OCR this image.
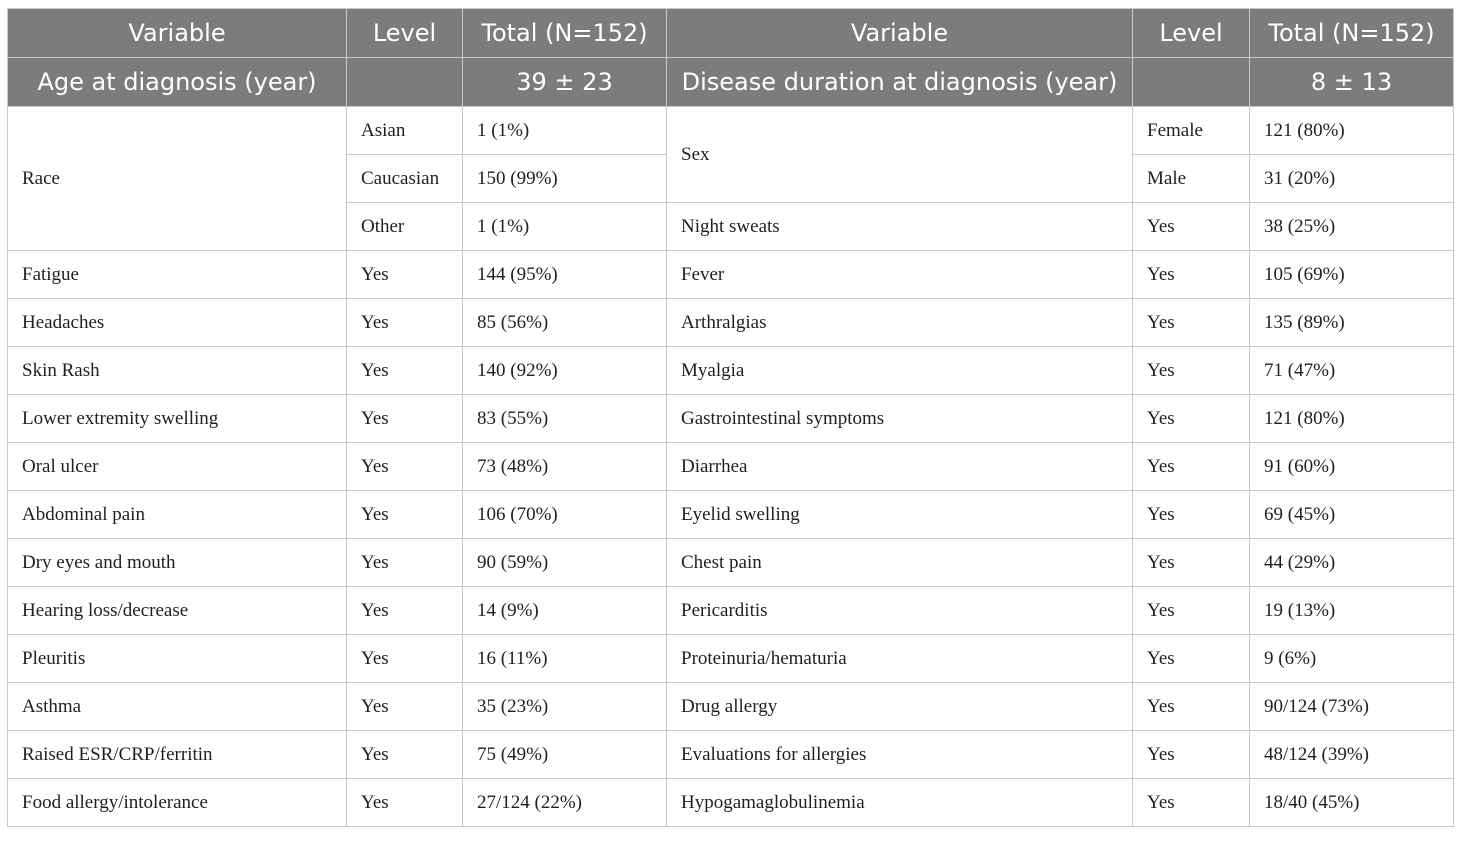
Variable	Level	Total (N=152)	Variable	Level	Total (N=152)
Age at diagnosis (year)		39 ± 23	Disease duration at diagnosis (year)		8 ± 13
Race	Asian	1 (1%)	Sex	Female	121 (80%)
	Caucasian	150 (99%)		Male	31 (20%)
	Other	1 (1%)	Night sweats	Yes	38 (25%)
Fatigue	Yes	144 (95%)	Fever	Yes	105 (69%)
Headaches	Yes	85 (56%)	Arthralgias	Yes	135 (89%)
Skin Rash	Yes	140 (92%)	Myalgia	Yes	71 (47%)
Lower extremity swelling	Yes	83 (55%)	Gastrointestinal symptoms	Yes	121 (80%)
Oral ulcer	Yes	73 (48%)	Diarrhea	Yes	91 (60%)
Abdominal pain	Yes	106 (70%)	Eyelid swelling	Yes	69 (45%)
Dry eyes and mouth	Yes	90 (59%)	Chest pain	Yes	44 (29%)
Hearing loss/decrease	Yes	14 (9%)	Pericarditis	Yes	19 (13%)
Pleuritis	Yes	16 (11%)	Proteinuria/hematuria	Yes	9 (6%)
Asthma	Yes	35 (23%)	Drug allergy	Yes	90/124 (73%)
Raised ESR/CRP/ferritin	Yes	75 (49%)	Evaluations for allergies	Yes	48/124 (39%)
Food allergy/intolerance	Yes	27/124 (22%)	Hypogamaglobulinemia	Yes	18/40 (45%)
